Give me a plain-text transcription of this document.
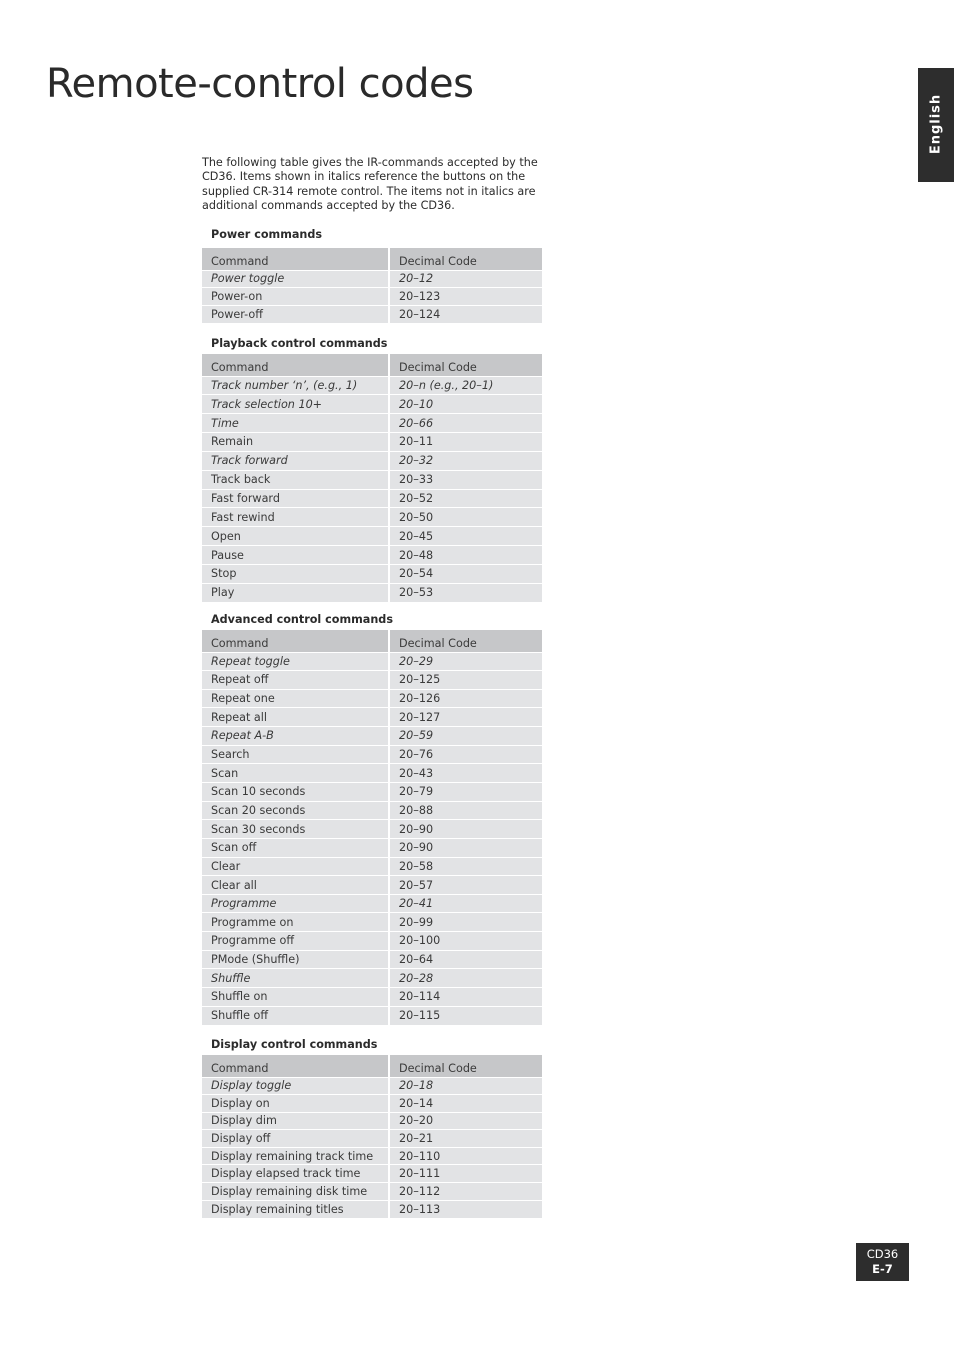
Remote-control codes
English

The following table gives the IR-commands accepted by the CD36. Items shown in italics reference the buttons on the supplied CR-314 remote control. The items not in italics are additional commands accepted by the CD36.

Power commands
Command	Decimal Code
Power toggle	20–12
Power-on	20–123
Power-off	20–124
Playback control commands
Command	Decimal Code
Track number ‘n’, (e.g., 1)	20–n (e.g., 20–1)
Track selection 10+	20–10
Time	20–66
Remain	20–11
Track forward	20–32
Track back	20–33
Fast forward	20–52
Fast rewind	20–50
Open	20–45
Pause	20–48
Stop	20–54
Play	20–53
Advanced control commands
Command	Decimal Code
Repeat toggle	20–29
Repeat off	20–125
Repeat one	20–126
Repeat all	20–127
Repeat A-B	20–59
Search	20–76
Scan	20–43
Scan 10 seconds	20–79
Scan 20 seconds	20–88
Scan 30 seconds	20–90
Scan off	20–90
Clear	20–58
Clear all	20–57
Programme	20–41
Programme on	20–99
Programme off	20–100
PMode (Shuffle)	20–64
Shuffle	20–28
Shuffle on	20–114
Shuffle off	20–115
Display control commands
Command	Decimal Code
Display toggle	20–18
Display on	20–14
Display dim	20–20
Display off	20–21
Display remaining track time	20–110
Display elapsed track time	20–111
Display remaining disk time	20–112
Display remaining titles	20–113
CD36
E-7
